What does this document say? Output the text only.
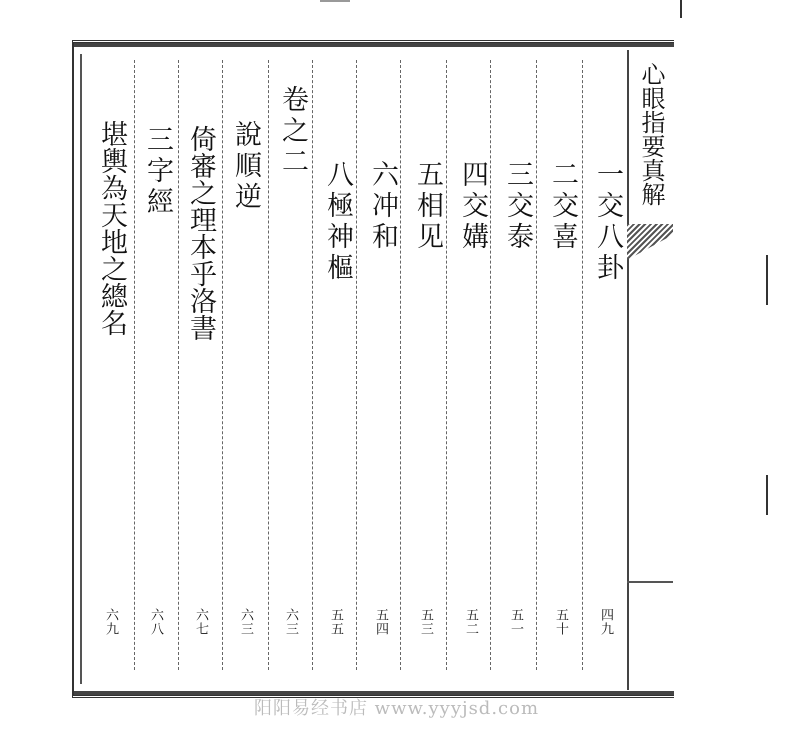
心眼指要真解
一交八卦
四九
二交喜
五十
三交泰
五一
四交媾
五二
五相见
五三
六冲和
五四
八極神樞
五五
卷之二
六三
說順逆
六三
倚審之理本乎洛書
六七
三字經
六八
堪輿為天地之總名
六九
阳阳易经书店 www.yyyjsd.com
